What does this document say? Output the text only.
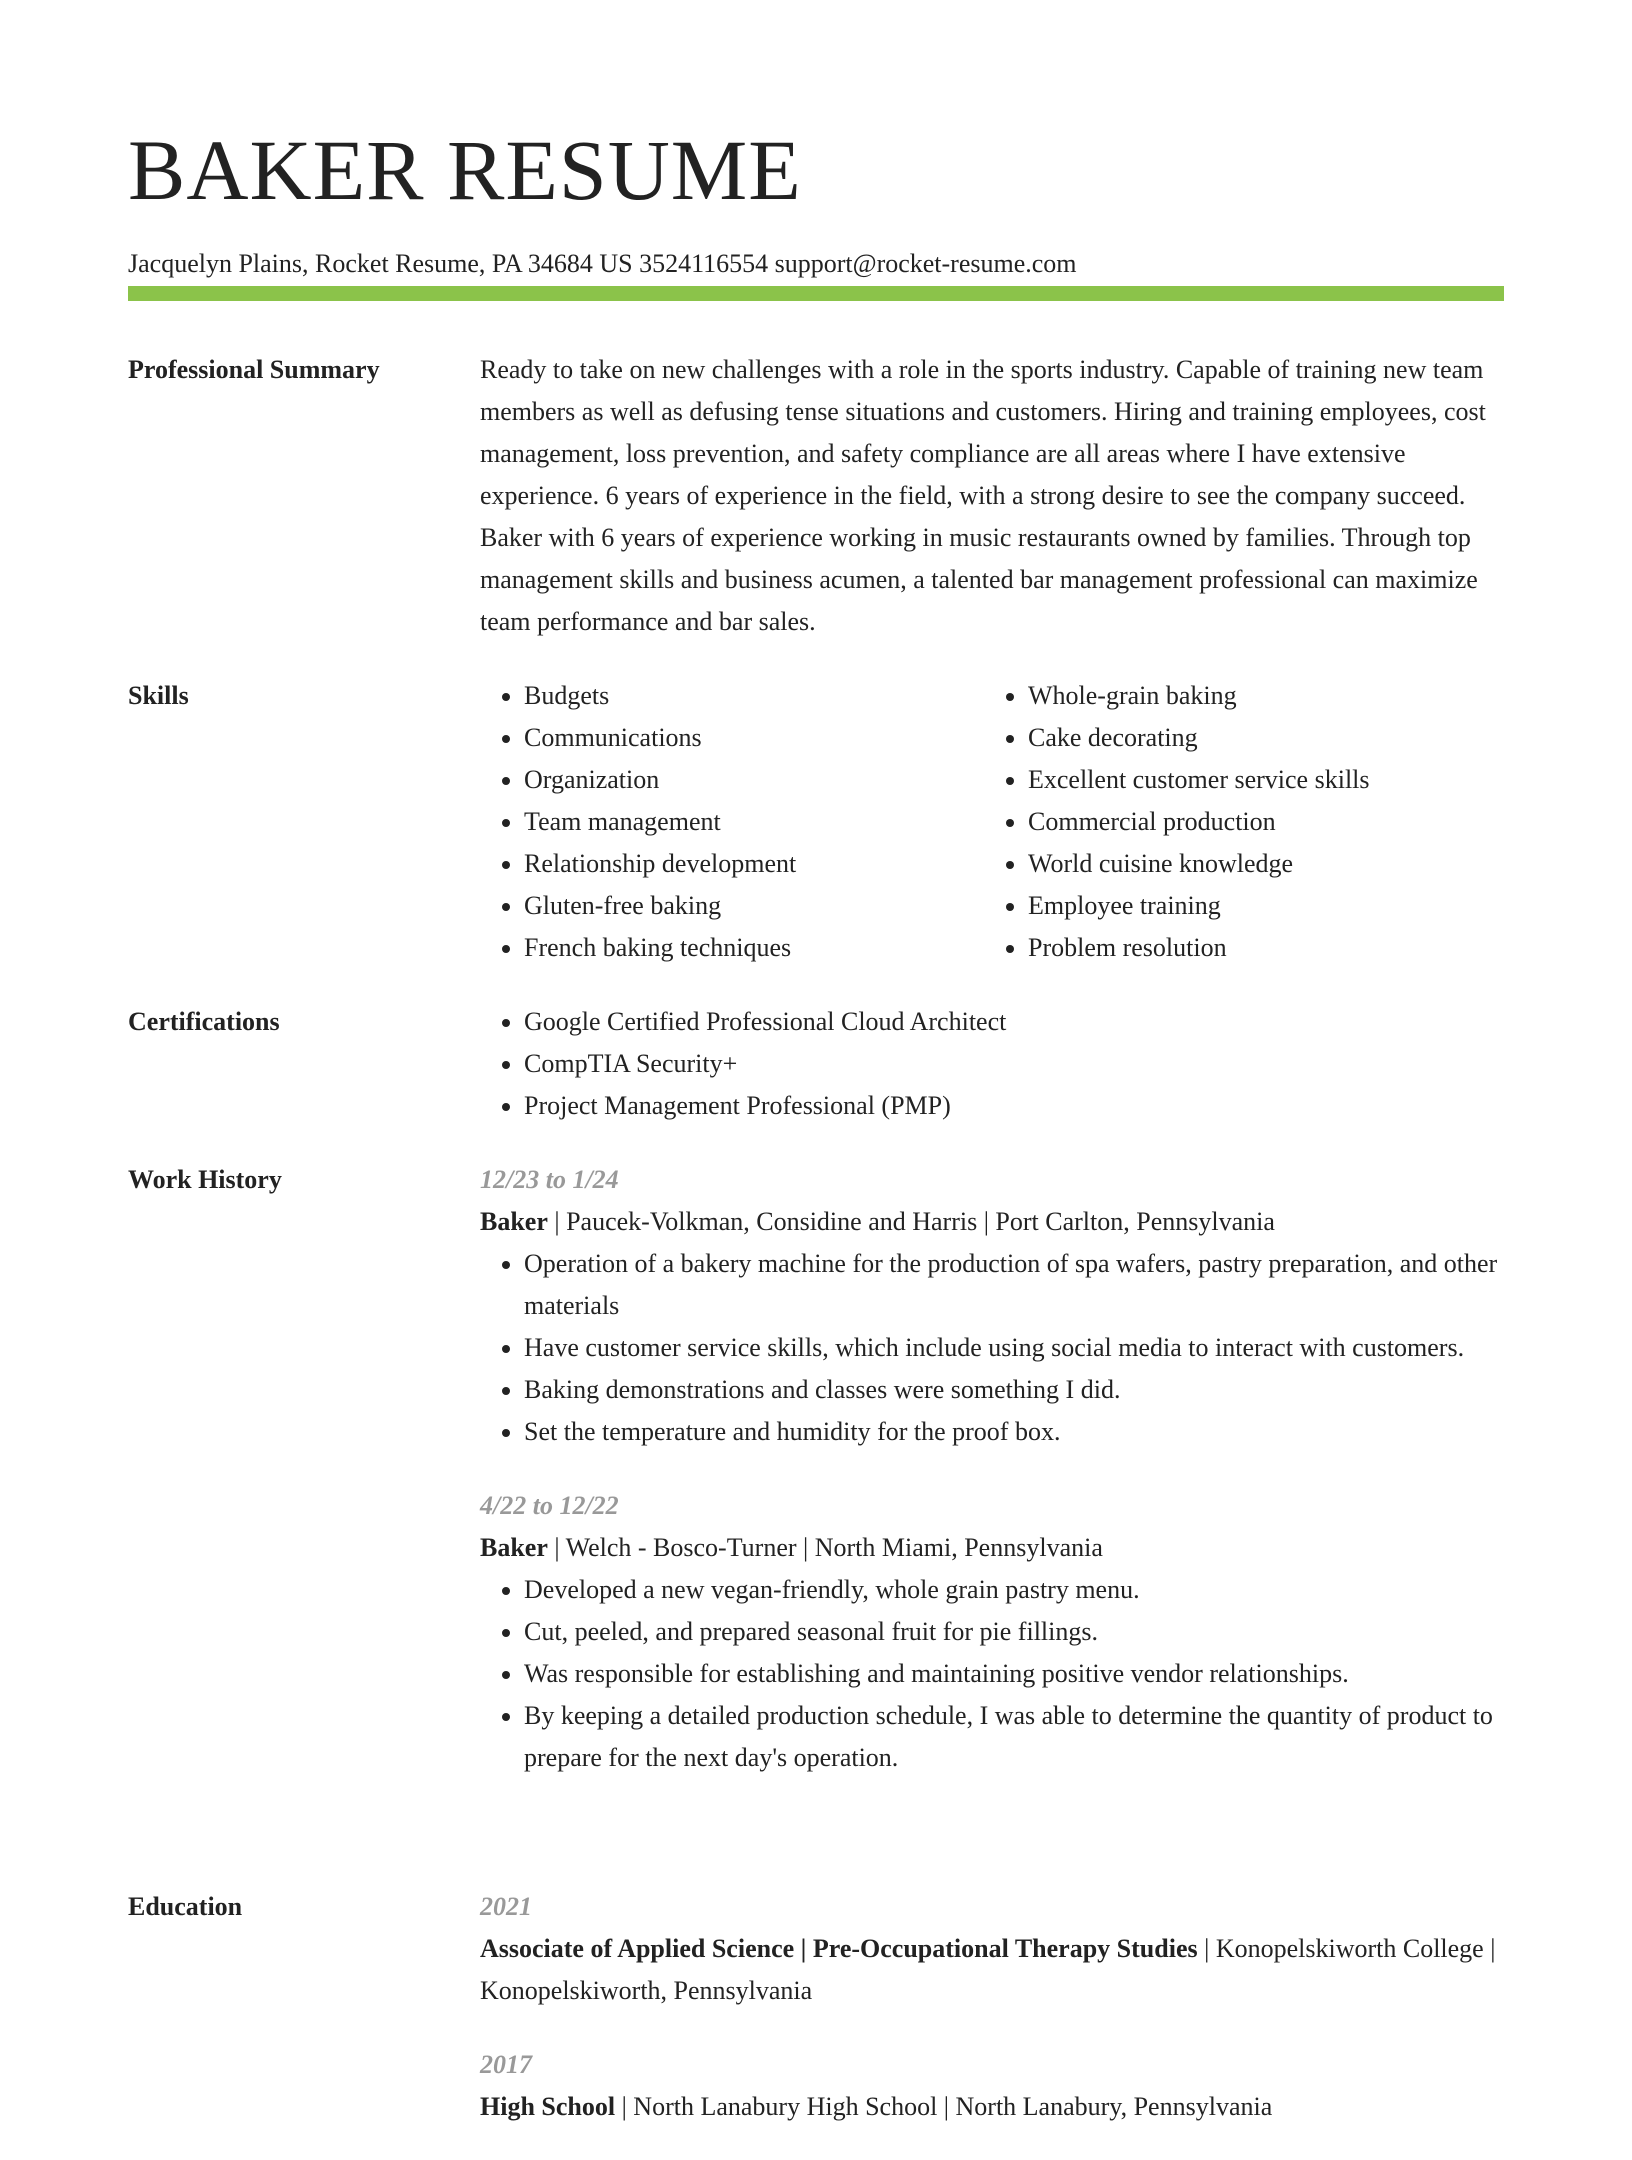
BAKER RESUME
Jacquelyn Plains, Rocket Resume, PA 34684 US 3524116554 support@rocket-resume.com
Professional Summary	Ready to take on new challenges with a role in the sports industry. Capable of training new team members as well as defusing tense situations and customers. Hiring and training employees, cost management, loss prevention, and safety compliance are all areas where I have extensive experience. 6 years of experience in the field, with a strong desire to see the company succeed. Baker with 6 years of experience working in music restaurants owned by families. Through top management skills and business acumen, a talented bar management professional can maximize team performance and bar sales.

Skills	• Budgets
• Communications
• Organization
• Team management
• Relationship development
• Gluten-free baking
• French baking techniques
• Whole-grain baking
• Cake decorating
• Excellent customer service skills
• Commercial production
• World cuisine knowledge
• Employee training
• Problem resolution
Certifications	• Google Certified Professional Cloud Architect
• CompTIA Security+
• Project Management Professional (PMP)
Work History	12/23 to 1/24
Baker | Paucek-Volkman, Considine and Harris | Port Carlton, Pennsylvania
• Operation of a bakery machine for the production of spa wafers, pastry preparation, and other materials
• Have customer service skills, which include using social media to interact with customers.
• Baking demonstrations and classes were something I did.
• Set the temperature and humidity for the proof box.
4/22 to 12/22
Baker | Welch - Bosco-Turner | North Miami, Pennsylvania
• Developed a new vegan-friendly, whole grain pastry menu.
• Cut, peeled, and prepared seasonal fruit for pie fillings.
• Was responsible for establishing and maintaining positive vendor relationships.
• By keeping a detailed production schedule, I was able to determine the quantity of product to prepare for the next day's operation.
Education	2021
Associate of Applied Science | Pre-Occupational Therapy Studies | Konopelskiworth College | Konopelskiworth, Pennsylvania
2017
High School | North Lanabury High School | North Lanabury, Pennsylvania
